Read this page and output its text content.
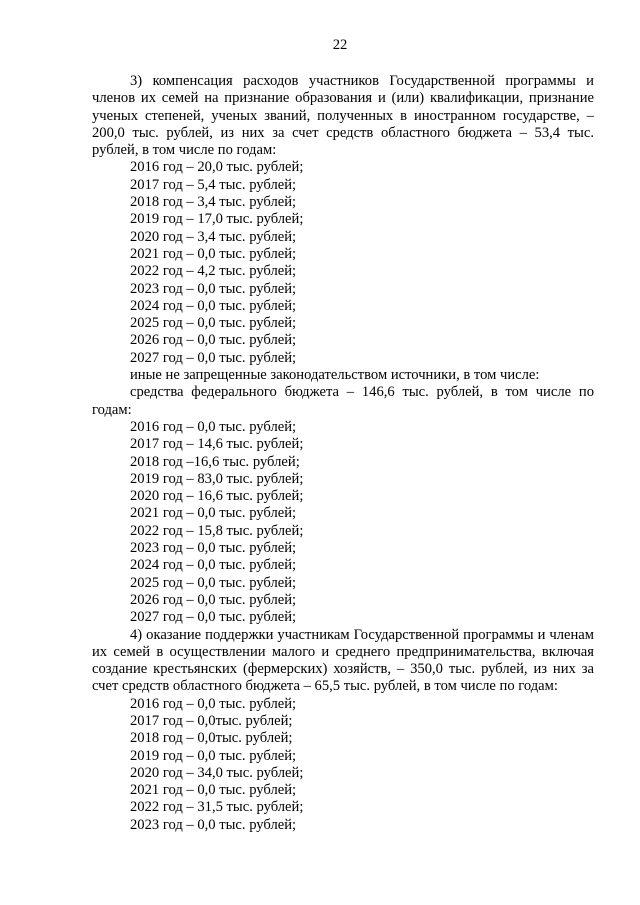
22

3) компенсация расходов участников Государственной программы и членов их семей на признание образования и (или) квалификации, признание ученых степеней, ученых званий, полученных в иностранном государстве, – 200,0 тыс. рублей, из них за счет средств областного бюджета – 53,4 тыс. рублей, в том числе по годам:

2016 год – 20,0 тыс. рублей;

2017 год – 5,4 тыс. рублей;

2018 год – 3,4 тыс. рублей;

2019 год – 17,0 тыс. рублей;

2020 год – 3,4 тыс. рублей;

2021 год – 0,0 тыс. рублей;

2022 год – 4,2 тыс. рублей;

2023 год – 0,0 тыс. рублей;

2024 год – 0,0 тыс. рублей;

2025 год – 0,0 тыс. рублей;

2026 год – 0,0 тыс. рублей;

2027 год – 0,0 тыс. рублей;

иные не запрещенные законодательством источники, в том числе:

средства федерального бюджета – 146,6 тыс. рублей, в том числе по годам:

2016 год – 0,0 тыс. рублей;

2017 год – 14,6 тыс. рублей;

2018 год –16,6 тыс. рублей;

2019 год – 83,0 тыс. рублей;

2020 год – 16,6 тыс. рублей;

2021 год – 0,0 тыс. рублей;

2022 год – 15,8 тыс. рублей;

2023 год – 0,0 тыс. рублей;

2024 год – 0,0 тыс. рублей;

2025 год – 0,0 тыс. рублей;

2026 год – 0,0 тыс. рублей;

2027 год – 0,0 тыс. рублей;

4) оказание поддержки участникам Государственной программы и членам их семей в осуществлении малого и среднего предпринимательства, включая создание крестьянских (фермерских) хозяйств, – 350,0 тыс. рублей, из них за счет средств областного бюджета – 65,5 тыс. рублей, в том числе по годам:

2016 год – 0,0 тыс. рублей;

2017 год – 0,0тыс. рублей;

2018 год – 0,0тыс. рублей;

2019 год – 0,0 тыс. рублей;

2020 год – 34,0 тыс. рублей;

2021 год – 0,0 тыс. рублей;

2022 год – 31,5 тыс. рублей;

2023 год – 0,0 тыс. рублей;
